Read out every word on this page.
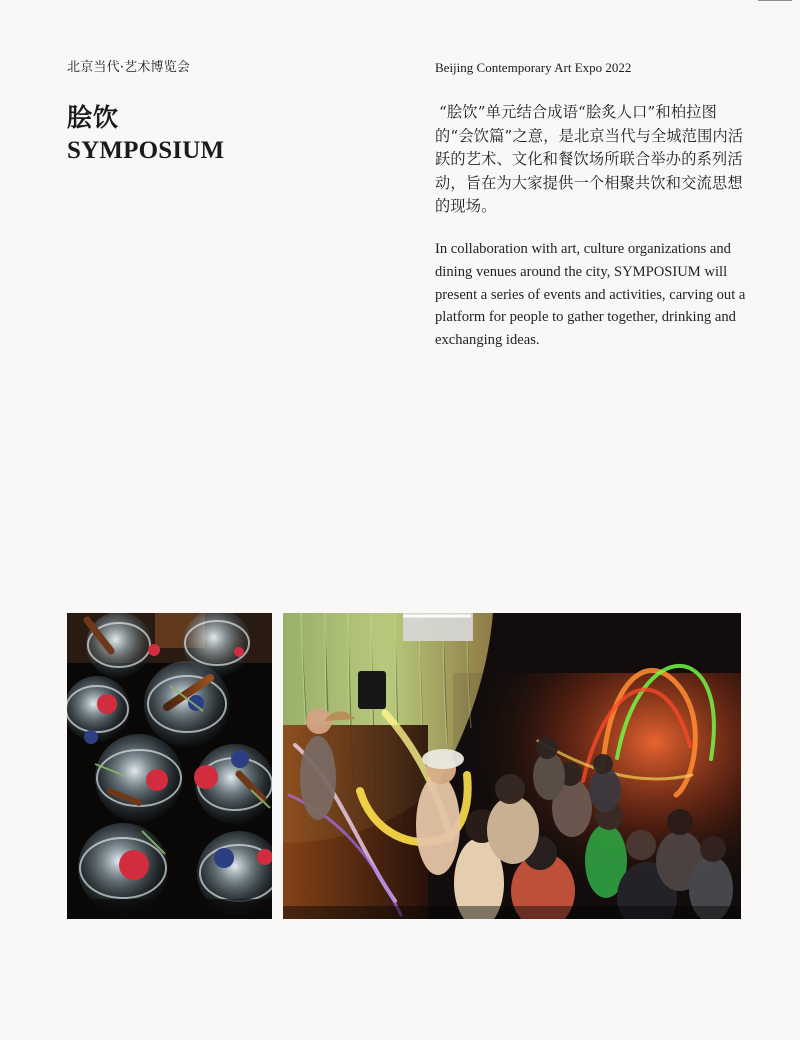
北京当代·艺术博览会	Beijing Contemporary Art Expo 2022
脍饮
SYMPOSIUM
“脍饮”单元结合成语“脍炙人口”和柏拉图的“会饮篇”之意，是北京当代与全城范围内活跃的艺术、文化和餐饮场所联合举办的系列活动，旨在为大家提供一个相聚共饮和交流思想的现场。
In collaboration with art, culture organizations and dining venues around the city, SYMPOSIUM will present a series of events and activities, carving out a platform for people to gather together, drinking and exchanging ideas.
